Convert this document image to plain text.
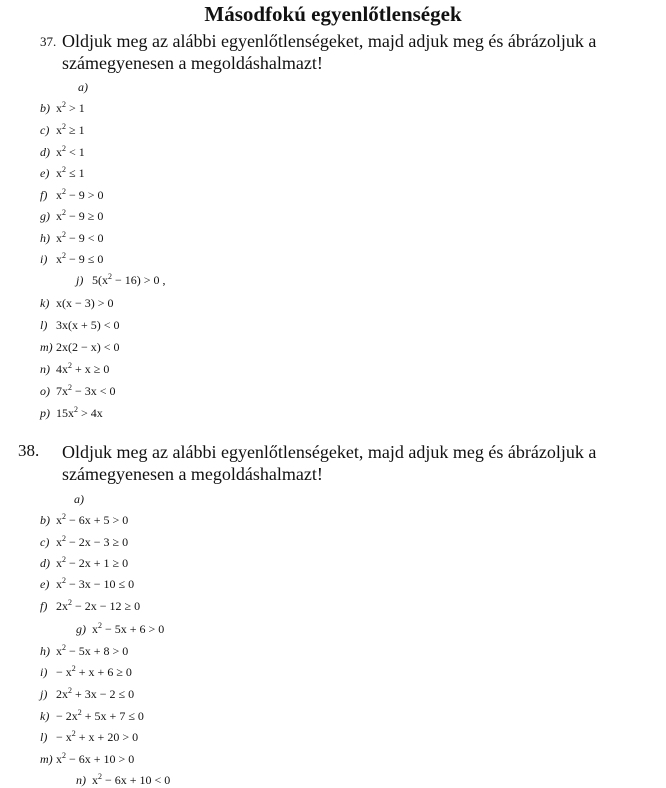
Másodfokú egyenlőtlenségek
37. Oldjuk meg az alábbi egyenlőtlenségeket, majd adjuk meg és ábrázoljuk a számegyenesen a megoldáshalmazt!
a)
b) $x^2 > 1$
c) $x^2 \ge 1$
d) $x^2 < 1$
e) $x^2 \le 1$
f) $x^2 - 9 > 0$
g) $x^2 - 9 \ge 0$
h) $x^2 - 9 < 0$
i) $x^2 - 9 \le 0$
j) $5(x^2 - 16) > 0$ ,
k) x(x − 3) > 0
l) 3x(x + 5) < 0
m) 2x(2 − x) < 0
n) $4x^2 + x \ge 0$
o) $7x^2 - 3x < 0$
p) $15x^2 > 4x$
38. Oldjuk meg az alábbi egyenlőtlenségeket, majd adjuk meg és ábrázoljuk a számegyenesen a megoldáshalmazt!
a)
b) $x^2 - 6x + 5 > 0$
c) $x^2 - 2x - 3 \ge 0$
d) $x^2 - 2x + 1 \ge 0$
e) $x^2 - 3x - 10 \le 0$
f) $2x^2 - 2x - 12 \ge 0$
g) $x^2 - 5x + 6 > 0$
h) $x^2 - 5x + 8 > 0$
$i) - x^2 + x + 6 \ge 0$
j) $2x^2 + 3x - 2 \le 0$
$k) - 2x^2 + 5x + 7 \le 0$
$l) - x^2 + x + 20 > 0$
m) $x^2 - 6x + 10 > 0$
n) $x^2 - 6x + 10 < 0$
